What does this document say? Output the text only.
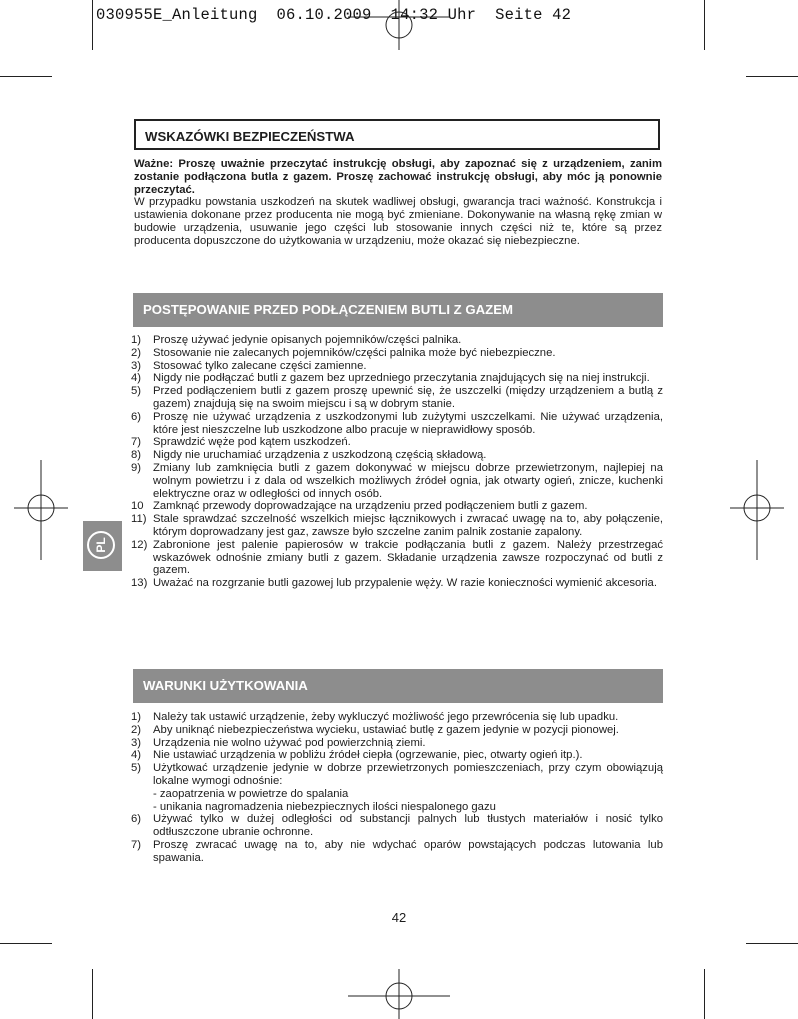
030955E_Anleitung 06.10.2009 14:32 Uhr Seite 42
PL
WSKAZÓWKI BEZPIECZEŃSTWA

Ważne: Proszę uważnie przeczytać instrukcję obsługi, aby zapoznać się z urządzeniem, zanim zostanie podłączona butla z gazem. Proszę zachować instrukcję obsługi, aby móc ją ponownie przeczytać.

W przypadku powstania uszkodzeń na skutek wadliwej obsługi, gwarancja traci ważność. Konstrukcja i ustawienia dokonane przez producenta nie mogą być zmieniane. Dokonywanie na własną rękę zmian w budowie urządzenia, usuwanie jego części lub stosowanie innych części niż te, które są przez producenta dopuszczone do użytkowania w urządzeniu, może okazać się niebezpieczne.

POSTĘPOWANIE PRZED PODŁĄCZENIEM BUTLI Z GAZEM
1) Proszę używać jedynie opisanych pojemników/części palnika.
2) Stosowanie nie zalecanych pojemników/części palnika może być niebezpieczne.
3) Stosować tylko zalecane części zamienne.
4) Nigdy nie podłączać butli z gazem bez uprzedniego przeczytania znajdujących się na niej instrukcji.
5) Przed podłączeniem butli z gazem proszę upewnić się, że uszczelki (między urządzeniem a butlą z gazem) znajdują się na swoim miejscu i są w dobrym stanie.
6) Proszę nie używać urządzenia z uszkodzonymi lub zużytymi uszczelkami. Nie używać urządzenia, które jest nieszczelne lub uszkodzone albo pracuje w nieprawidłowy sposób.
7) Sprawdzić węże pod kątem uszkodzeń.
8) Nigdy nie uruchamiać urządzenia z uszkodzoną częścią składową.
9) Zmiany lub zamknięcia butli z gazem dokonywać w miejscu dobrze przewietrzonym, najlepiej na wolnym powietrzu i z dala od wszelkich możliwych źródeł ognia, jak otwarty ogień, znicze, kuchenki elektryczne oraz w odległości od innych osób.
10 Zamknąć przewody doprowadzające na urządzeniu przed podłączeniem butli z gazem.
11) Stale sprawdzać szczelność wszelkich miejsc łącznikowych i zwracać uwagę na to, aby połączenie, którym doprowadzany jest gaz, zawsze było szczelne zanim palnik zostanie zapalony.
12) Zabronione jest palenie papierosów w trakcie podłączania butli z gazem. Należy przestrzegać wskazówek odnośnie zmiany butli z gazem. Składanie urządzenia zawsze rozpoczynać od butli z gazem.
13) Uważać na rozgrzanie butli gazowej lub przypalenie węży. W razie konieczności wymienić akcesoria.
WARUNKI UŻYTKOWANIA
1) Należy tak ustawić urządzenie, żeby wykluczyć możliwość jego przewrócenia się lub upadku.
2) Aby uniknąć niebezpieczeństwa wycieku, ustawiać butlę z gazem jedynie w pozycji pionowej.
3) Urządzenia nie wolno używać pod powierzchnią ziemi.
4) Nie ustawiać urządzenia w pobliżu źródeł ciepła (ogrzewanie, piec, otwarty ogień itp.).
5) Użytkować urządzenie jedynie w dobrze przewietrzonych pomieszczeniach, przy czym obowiązują lokalne wymogi odnośnie:
- zaopatrzenia w powietrze do spalania
- unikania nagromadzenia niebezpiecznych ilości niespalonego gazu
6) Używać tylko w dużej odległości od substancji palnych lub tłustych materiałów i nosić tylko odtłuszczone ubranie ochronne.
7) Proszę zwracać uwagę na to, aby nie wdychać oparów powstających podczas lutowania lub spawania.
42
